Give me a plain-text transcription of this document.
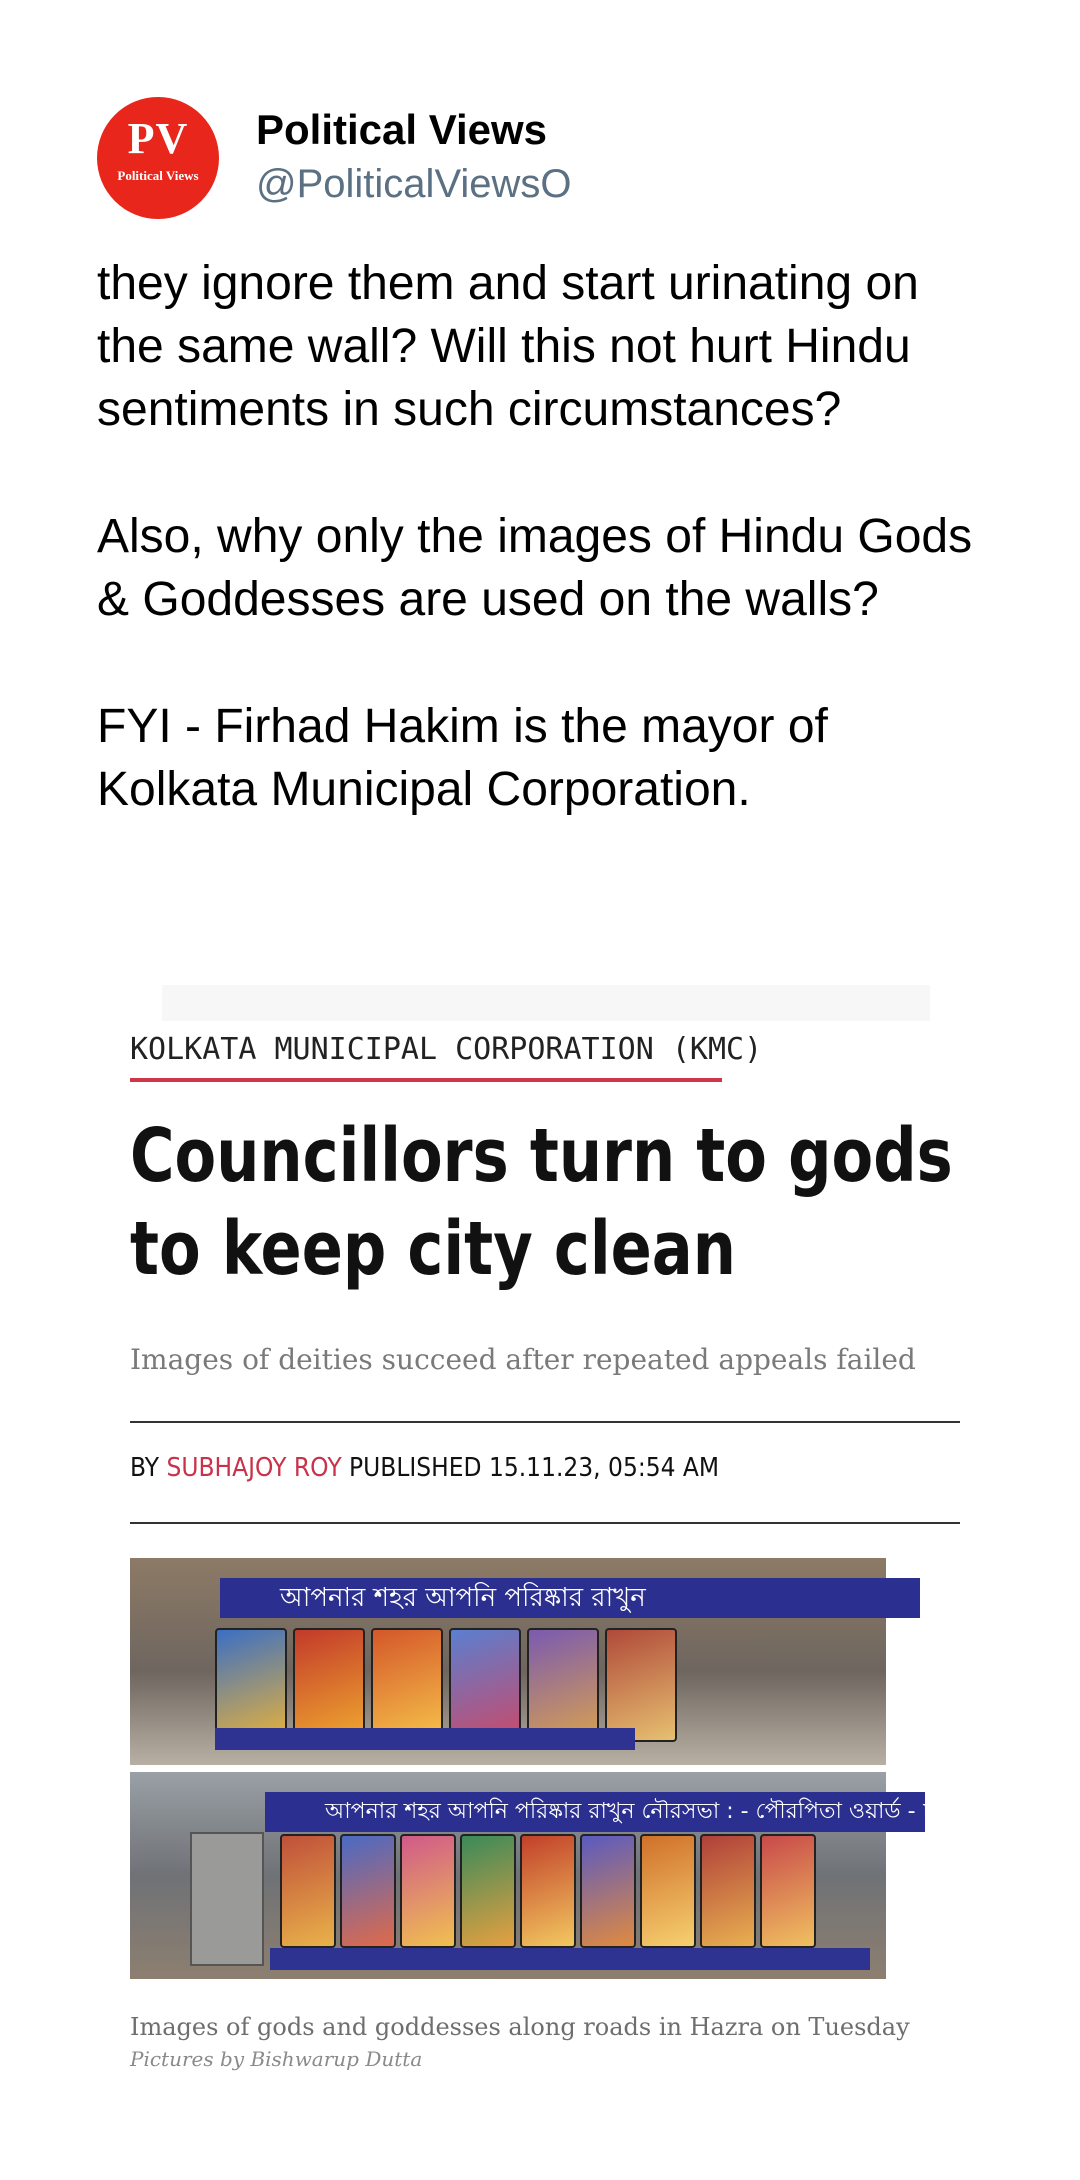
PV
Political Views
Political Views
@PoliticalViewsO

they ignore them and start urinating on the same wall? Will this not hurt Hindu sentiments in such circumstances?

Also, why only the images of Hindu Gods & Goddesses are used on the walls?

FYI - Firhad Hakim is the mayor of Kolkata Municipal Corporation.

KOLKATA MUNICIPAL CORPORATION (KMC)
Councillors turn to gods to keep city clean
Images of deities succeed after repeated appeals failed
BY SUBHAJOY ROY PUBLISHED 15.11.23, 05:54 AM
আপনার শহর আপনি পরিষ্কার রাখুন
আপনার শহর আপনি পরিষ্কার রাখুন নৌরসভা : - পৌরপিতা ওয়ার্ড - ৮৬
Images of gods and goddesses along roads in Hazra on Tuesday
Pictures by Bishwarup Dutta
